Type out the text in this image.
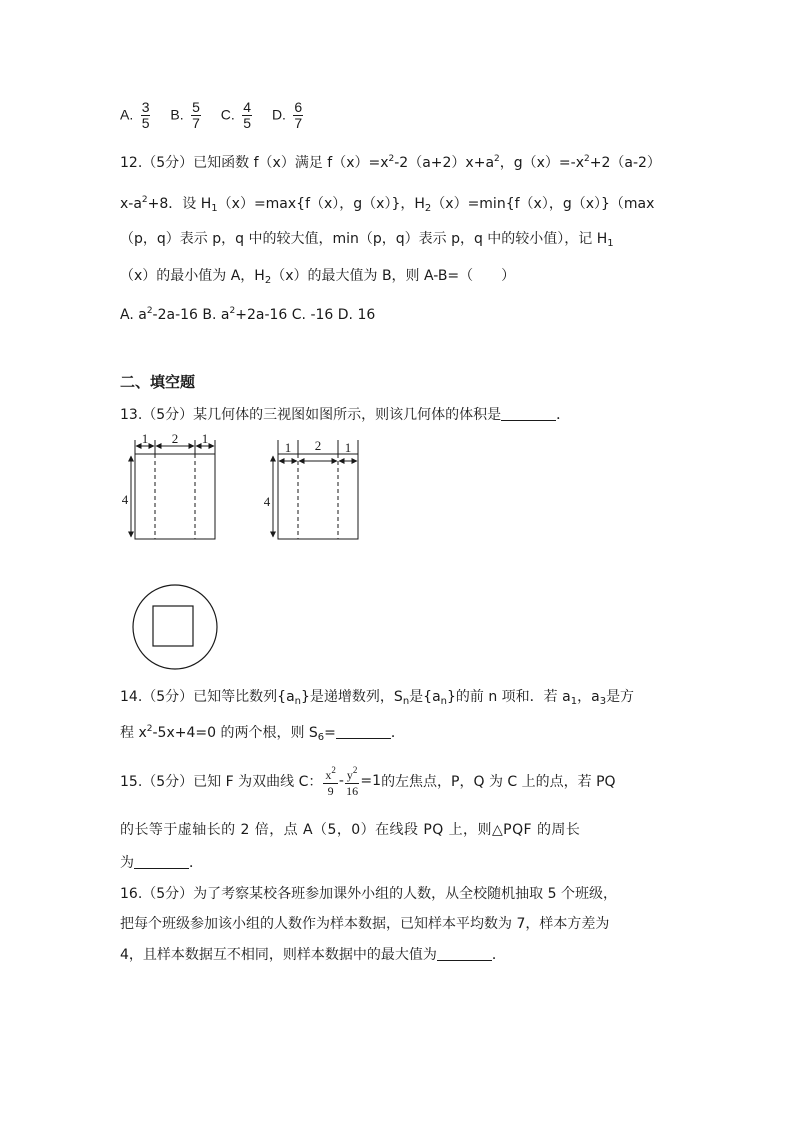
A. $\frac{3}{5} B$. $\frac{5}{7} C$. $\frac{4}{5} D$. $\frac{6}{7}$
12.（5分）已知函数 f（x）满足 $f(x)=x^2-2(a+2)x+a^2$，$g(x)=-x^2+2(a-2)$
$x-a^2+8$．设 $H_1(x)=\max\{f(x)$，g（x）}，$H_2(x)=\min\{f(x)$，g（x）}（max
（p，q）表示 p，q 中的较大值，min（p，q）表示 p，q 中的较小值），记 $H_1$
（x）的最小值为 A，$H_2(x)$的最大值为 B，则 A-B=（　　）
A. $a^2-2a-16$ B. $a^2+2a-16$ C. -16 D. 16
二、填空题
13.（5分）某几何体的三视图如图所示，则该几何体的体积是	．
1 2 1
4
1 2 1
4
14.（5分）已知等比数列$\{a_n\}$是递增数列，$S_n$是$\{a_n\}$的前 n 项和．若 $a_1$，$a_3$是方
程 $x^2-5x+4=0$ 的两个根，则 $S_6=$	．
15.（5分）已知 F 为双曲线 C： $\frac{x^2}{9} - \frac{y^2}{16} =1$的左焦点，P，Q 为 C 上的点，若 PQ
的长等于虚轴长的 2 倍，点 A（5，0）在线段 PQ 上，则△PQF 的周长
为	．
16.（5分）为了考察某校各班参加课外小组的人数，从全校随机抽取 5 个班级，
把每个班级参加该小组的人数作为样本数据，已知样本平均数为 7，样本方差为
4，且样本数据互不相同，则样本数据中的最大值为	．
